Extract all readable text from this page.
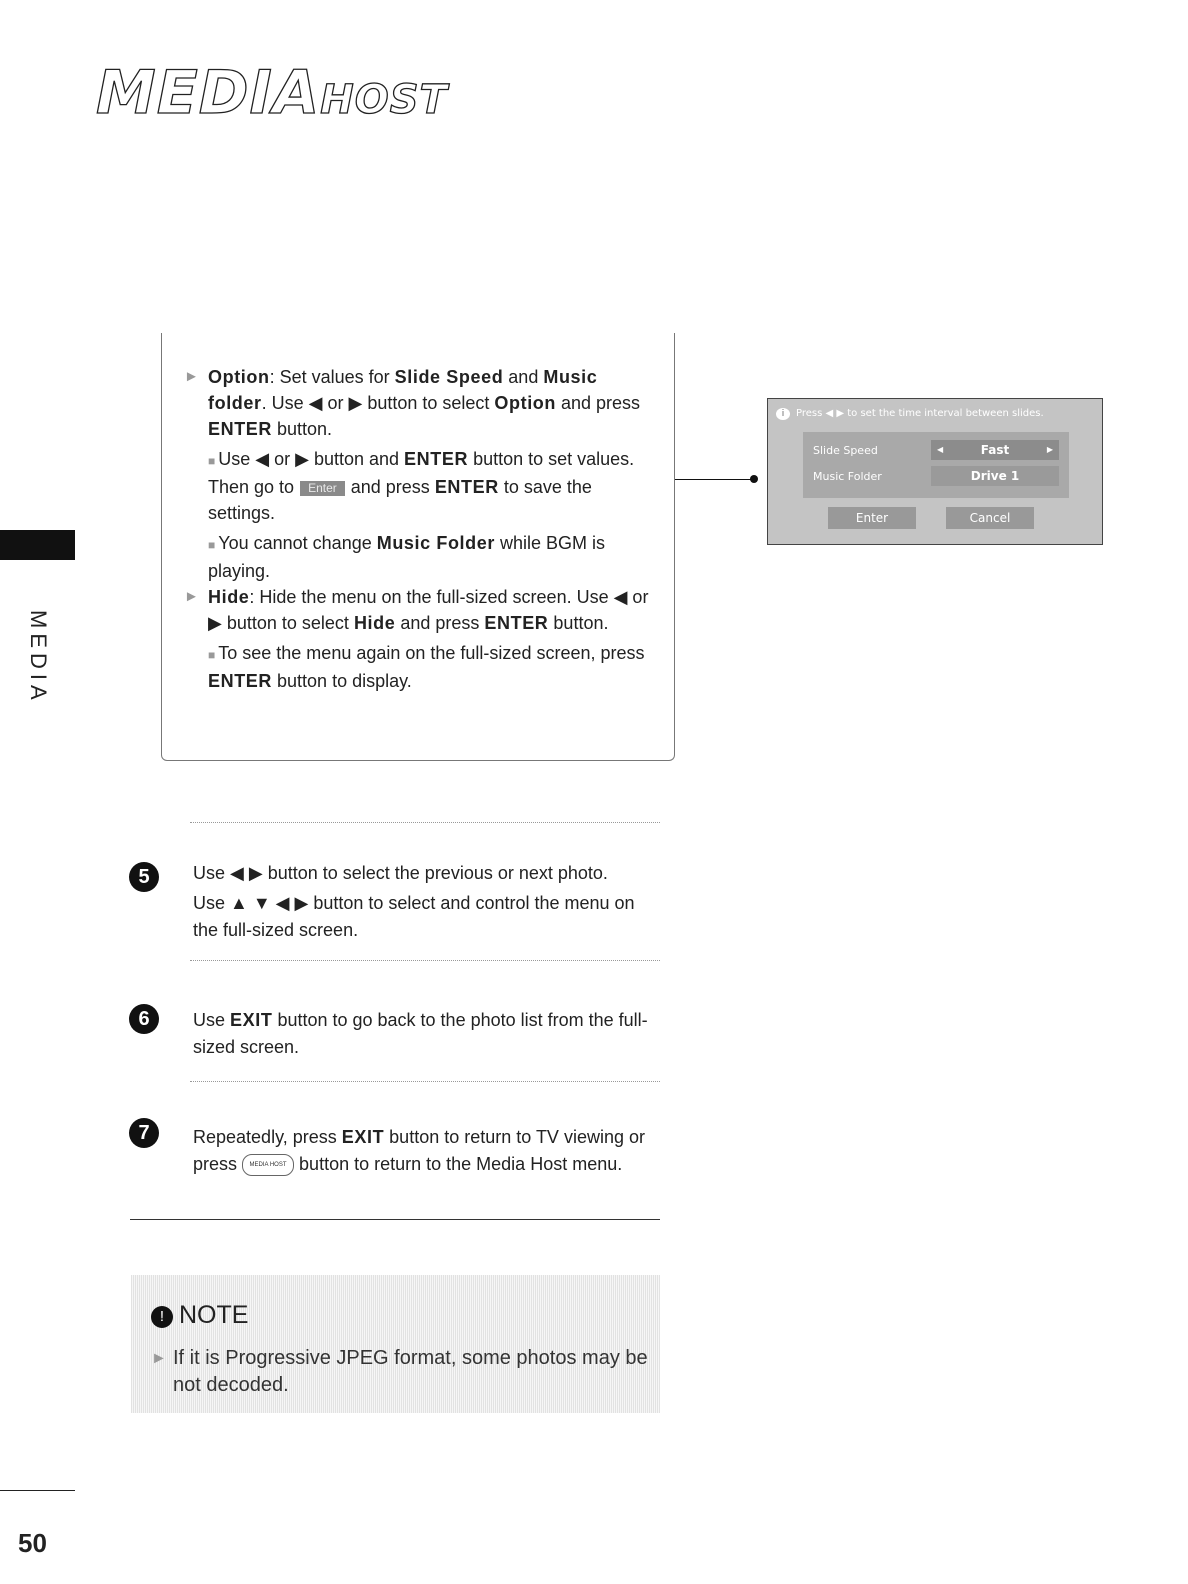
MEDIAHOST
MEDIA

► Option: Set values for Slide Speed and Music folder. Use ◀ or ▶ button to select Option and press ENTER button.

■ Use ◀ or ▶ button and ENTER button to set values. Then go to Enter and press ENTER to save the settings.

■ You cannot change Music Folder while BGM is playing.

► Hide: Hide the menu on the full-sized screen. Use ◀ or ▶ button to select Hide and press ENTER button.

■ To see the menu again on the full-sized screen, press ENTER button to display.

i Press ◀ ▶ to set the time interval between slides.
Slide Speed	◀	Fast	▶
Music Folder	Drive 1
Enter	Cancel
5	Use ◀ ▶ button to select the previous or next photo.

Use ▲ ▼ ◀ ▶ button to select and control the menu on the full-sized screen.

6	Use EXIT button to go back to the photo list from the full-sized screen.

7	Repeatedly, press EXIT button to return to TV viewing or press MEDIA HOST button to return to the Media Host menu.

! NOTE
► If it is Progressive JPEG format, some photos may be not decoded.
50
